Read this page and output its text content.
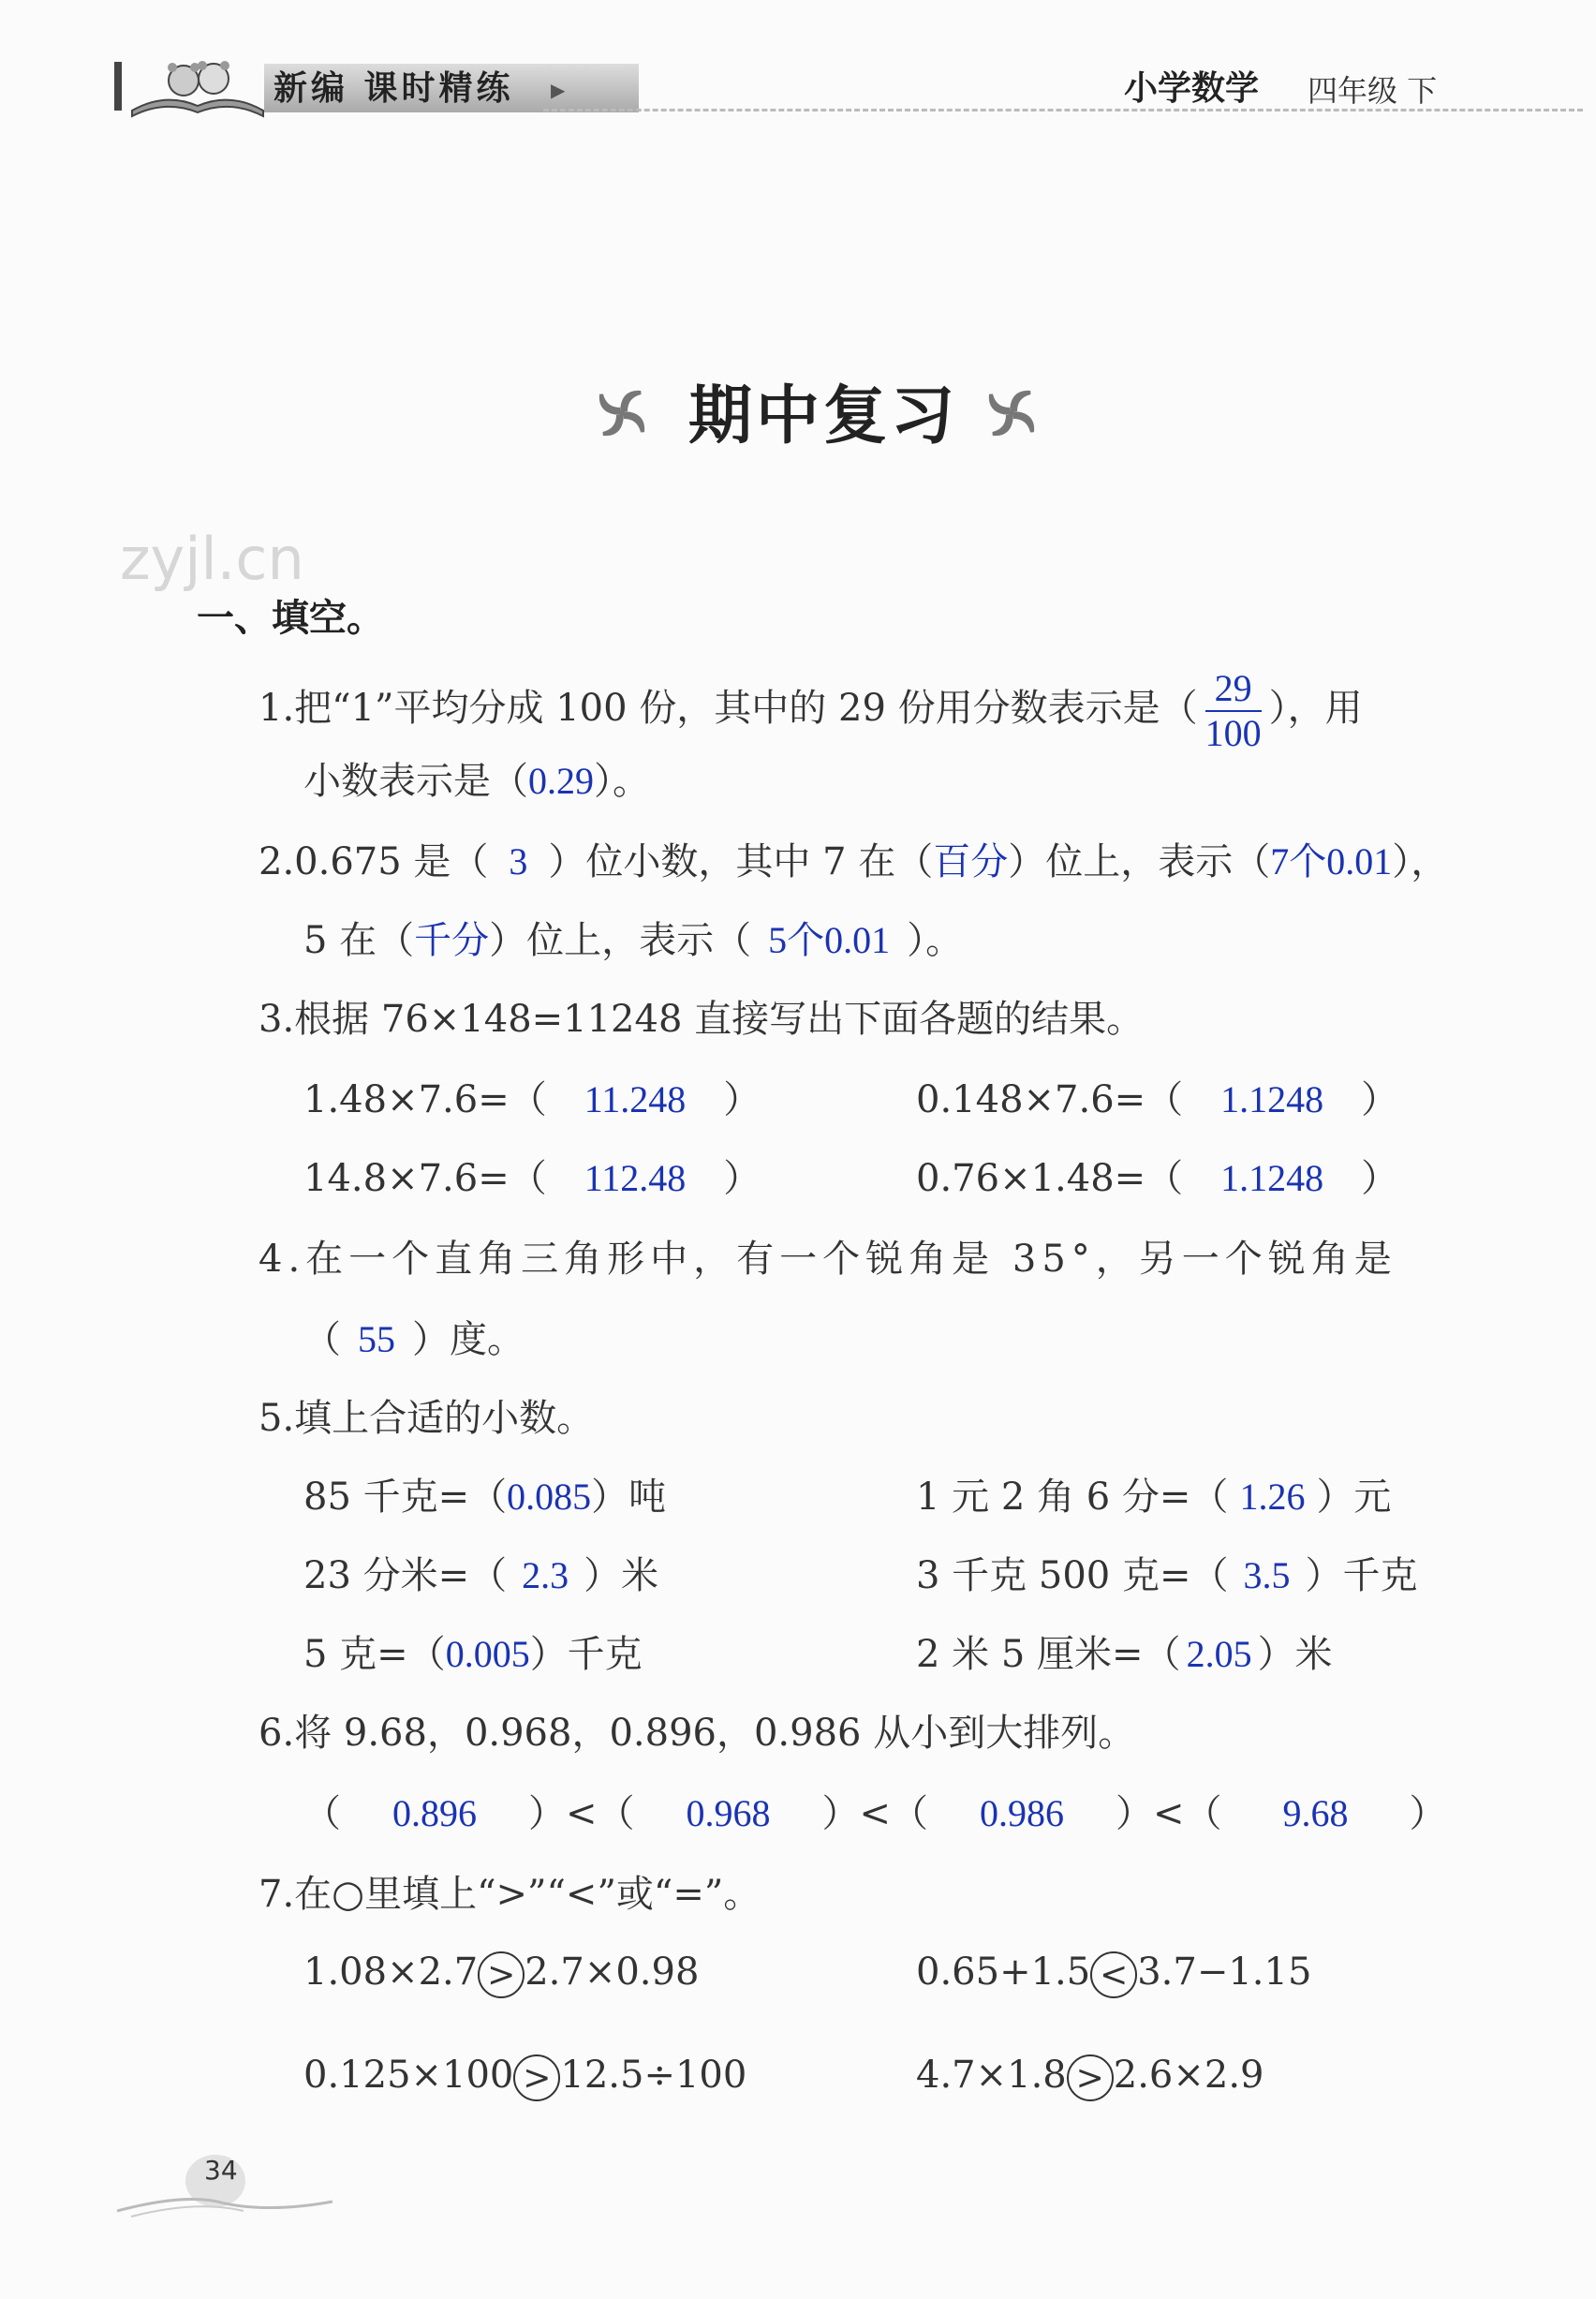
新编 课时精练 ▶	小学数学 四年级 下
期中复习
zyjl.cn
一、填空。
1.把“1”平均分成 100 份，其中的 29 份用分数表示是（ $\frac{29}{100}$ ），用
小数表示是（0.29）。
2.0.675 是（ 3 ）位小数，其中 7 在（百分）位上，表示（7个0.01），
5 在（千分）位上，表示（ 5个0.01 ）。
3.根据 76×148=11248 直接写出下面各题的结果。
1.48×7.6=（ 11.248 ）	0.148×7.6=（ 1.1248 ）
14.8×7.6=（ 112.48 ）	0.76×1.48=（ 1.1248 ）
4.在一个直角三角形中，有一个锐角是 35°，另一个锐角是
（ 55 ）度。
5.填上合适的小数。
85 千克=（0.085）吨	1 元 2 角 6 分=（ 1.26 ）元
23 分米=（ 2.3 ）米	3 千克 500 克=（ 3.5 ）千克
5 克=（0.005）千克	2 米 5 厘米=（ 2.05 ）米
6.将 9.68，0.968，0.896，0.986 从小到大排列。
（ 0.896 ）<（ 0.968 ）<（ 0.986 ）<（ 9.68 ）
7.在○里填上“>”“<”或“=”。
1.08×2.7 > 2.7×0.98	0.65+1.5 < 3.7−1.15
0.125×100 > 12.5÷100	4.7×1.8 > 2.6×2.9
34
